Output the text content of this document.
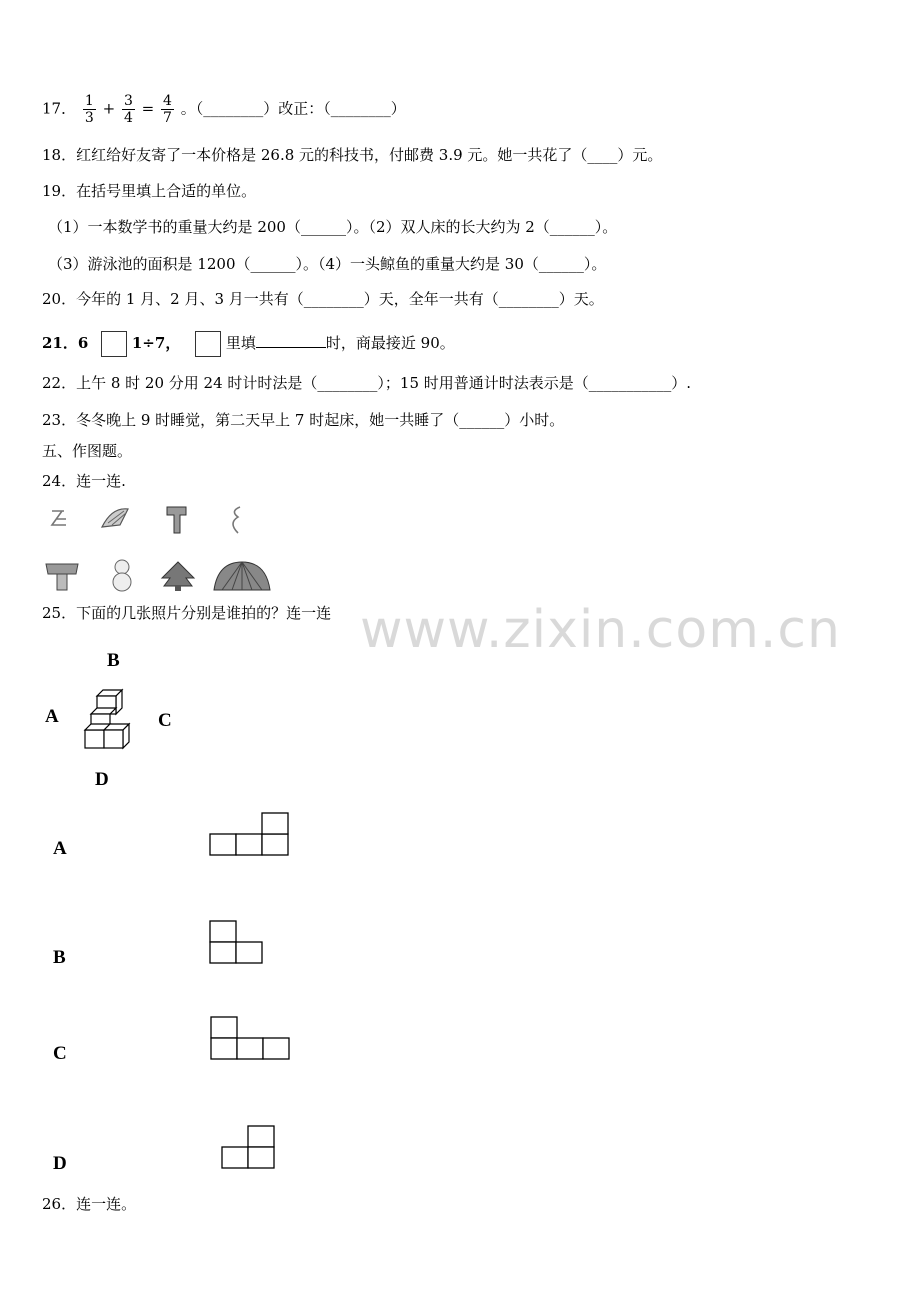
17． $\frac{1}{3} + \frac{3}{4} = \frac{4}{7}$ 。（________）改正：（________）
18．红红给好友寄了一本价格是 26.8 元的科技书，付邮费 3.9 元。她一共花了（____）元。
19．在括号里填上合适的单位。
（1）一本数学书的重量大约是 200（______）。（2）双人床的长大约为 2（______）。
（3）游泳池的面积是 1200（______）。（4）一头鲸鱼的重量大约是 30（______）。
20．今年的 1 月、2 月、3 月一共有（________）天，全年一共有（________）天。
21．6	1÷7，	里填	时，商最接近 90。
22．上午 8 时 20 分用 24 时计时法是（________）；15 时用普通计时法表示是（___________）.
23．冬冬晚上 9 时睡觉，第二天早上 7 时起床，她一共睡了（______）小时。
五、作图题。
24．连一连.
www.zixin.com.cn
25．下面的几张照片分别是谁拍的？连一连
B
A	C
D
A
B
C
D
26．连一连。
